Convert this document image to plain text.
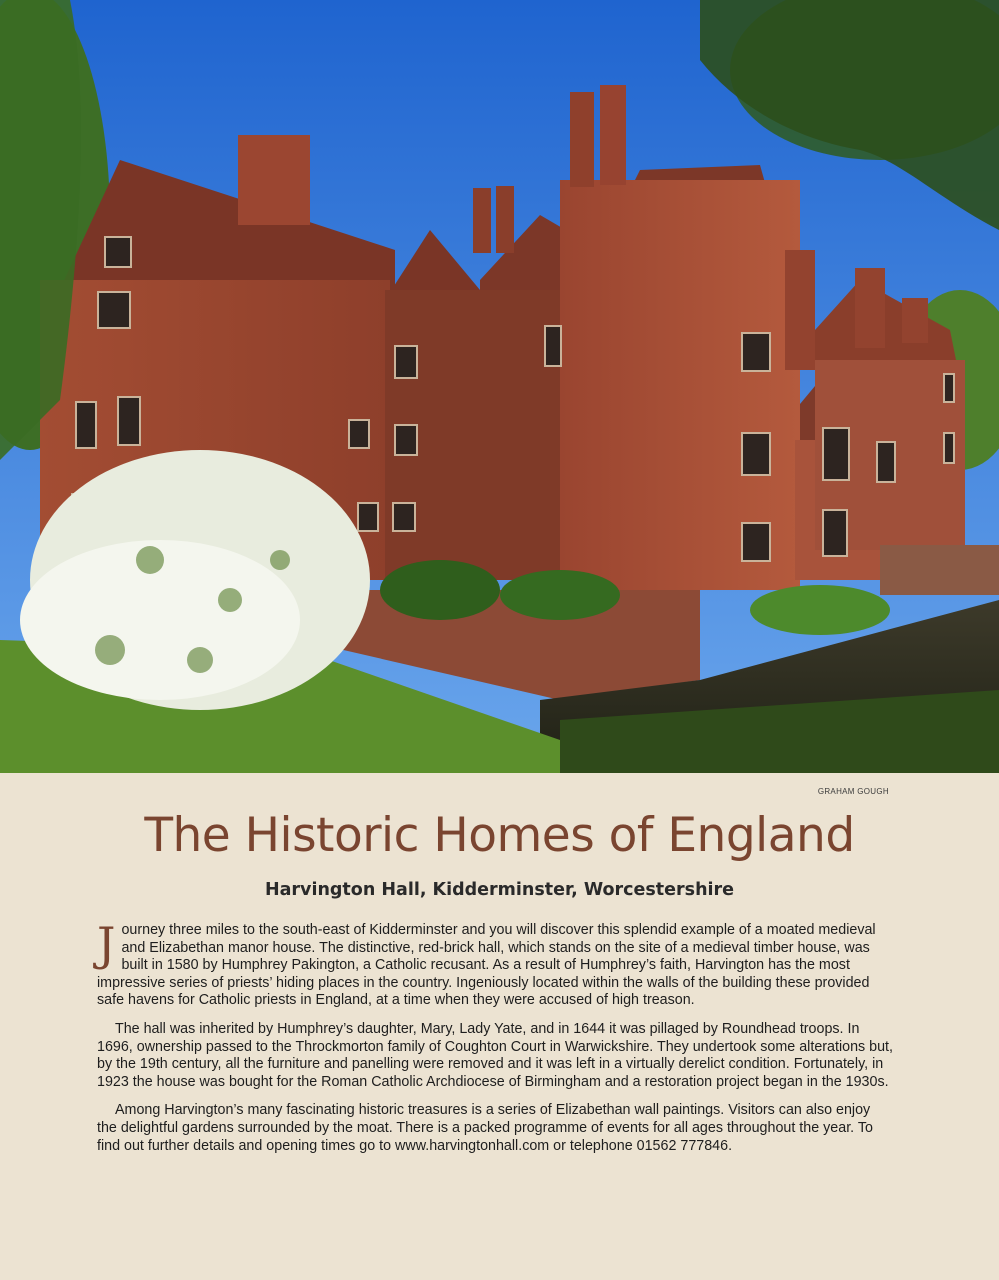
GRAHAM GOUGH
The Historic Homes of England
Harvington Hall, Kidderminster, Worcestershire

Journey three miles to the south-east of Kidderminster and you will discover this splendid example of a moated medieval and Elizabethan manor house. The distinctive, red-brick hall, which stands on the site of a medieval timber house, was built in 1580 by Humphrey Pakington, a Catholic recusant. As a result of Humphrey’s faith, Harvington has the most impressive series of priests’ hiding places in the country. Ingeniously located within the walls of the building these provided safe havens for Catholic priests in England, at a time when they were accused of high treason.

The hall was inherited by Humphrey’s daughter, Mary, Lady Yate, and in 1644 it was pillaged by Roundhead troops. In 1696, ownership passed to the Throckmorton family of Coughton Court in Warwickshire. They undertook some alterations but, by the 19th century, all the furniture and panelling were removed and it was left in a virtually derelict condition. Fortunately, in 1923 the house was bought for the Roman Catholic Archdiocese of Birmingham and a restoration project began in the 1930s.

Among Harvington’s many fascinating historic treasures is a series of Elizabethan wall paintings. Visitors can also enjoy the delightful gardens surrounded by the moat. There is a packed programme of events for all ages throughout the year. To find out further details and opening times go to www.harvingtonhall.com or telephone 01562 777846.
